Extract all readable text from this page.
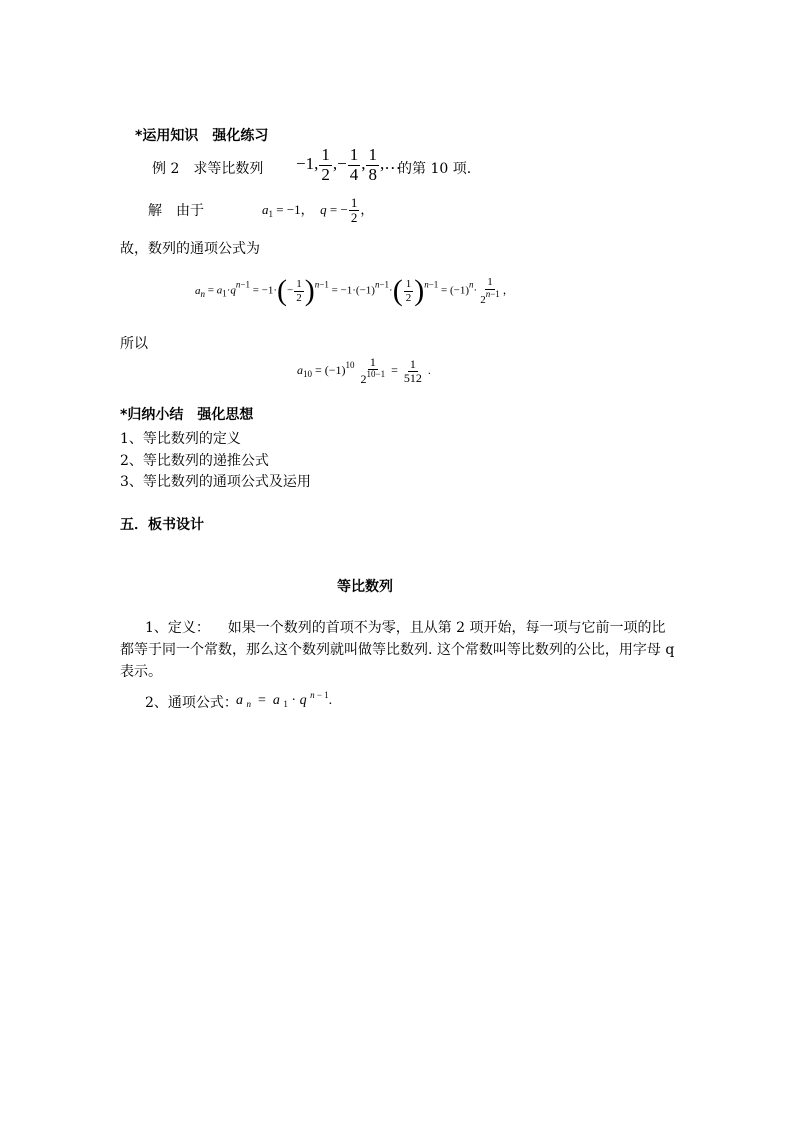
*运用知识　强化练习
例 2　 求等比数列 −1, $\frac{1}{2}$ ,− $\frac{1}{4}$ , $\frac{1}{8}$ ,…
的第 10 项.
解　 由于	$a_1 = -1$， q = − $\frac{1}{2}$ ，
故，数列的通项公式为
$a_n = a_1\cdot q^{n-1} = -1\cdot(- \frac{1}{2} )^{n-1} = -1\cdot(-1)^{n-1}\cdot( \frac{1}{2} )^{n-1} = (-1)^n\cdot \frac{1}{2^{n-1}}$ ，
所以
$a_{10} = (-1)^{10} \frac{1}{2^{10-1}} = \frac{1}{512}$ .
*归纳小结　强化思想
1、等比数列的定义
2、等比数列的递推公式
3、等比数列的通项公式及运用
五．板书设计
等比数列
1、定义： 如果一个数列的首项不为零，且从第 2 项开始，每一项与它前一项的比都等于同一个常数，那么这个数列就叫做等比数列. 这个常数叫等比数列的公比，用字母 q 表示。
2、通项公式：
a $_n$  =  a $_1$ · q $^{n - 1}$.
